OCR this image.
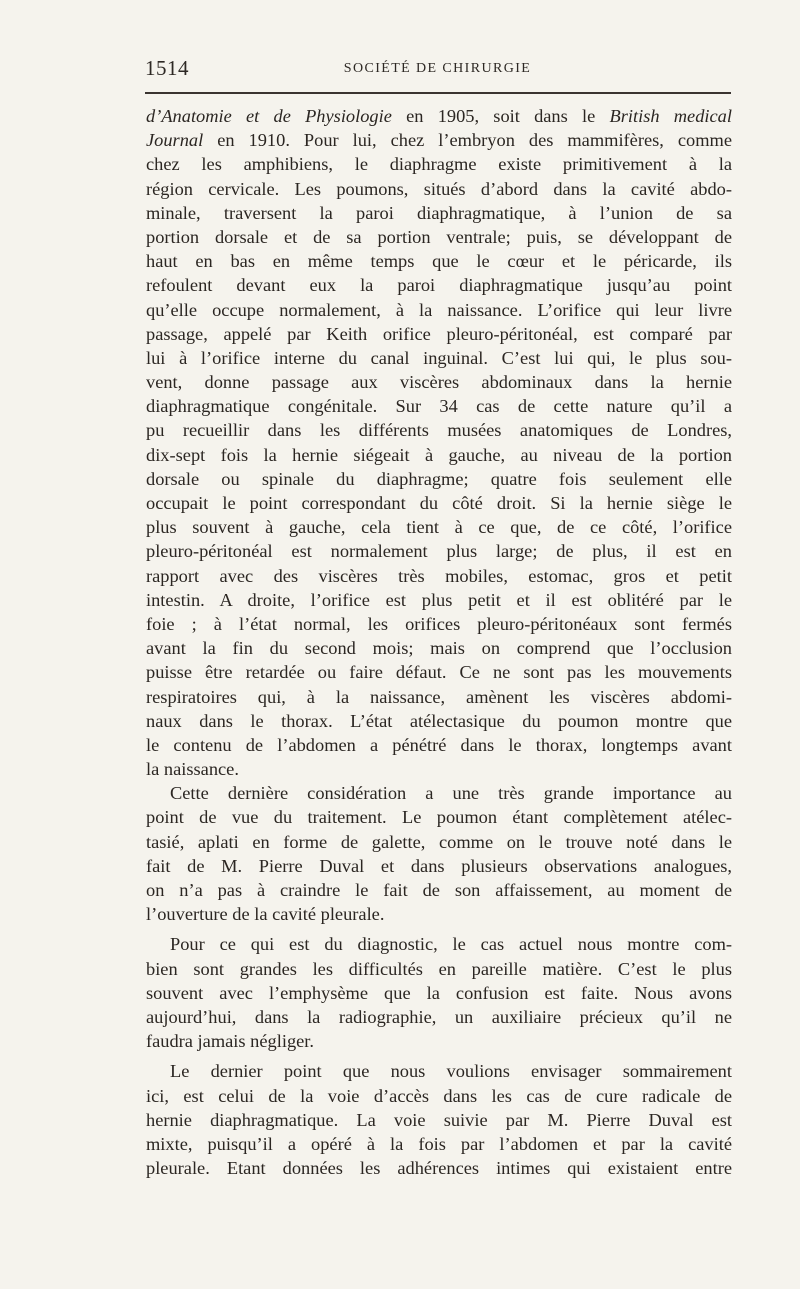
1514	SOCIÉTÉ DE CHIRURGIE
d’Anatomie et de Physiologie en 1905, soit dans le British medical
Journal en 1910. Pour lui, chez l’embryon des mammifères, comme
chez les amphibiens, le diaphragme existe primitivement à la
région cervicale. Les poumons, situés d’abord dans la cavité abdo-
minale, traversent la paroi diaphragmatique, à l’union de sa
portion dorsale et de sa portion ventrale; puis, se développant de
haut en bas en même temps que le cœur et le péricarde, ils
refoulent devant eux la paroi diaphragmatique jusqu’au point
qu’elle occupe normalement, à la naissance. L’orifice qui leur livre
passage, appelé par Keith orifice pleuro-péritonéal, est comparé par
lui à l’orifice interne du canal inguinal. C’est lui qui, le plus sou-
vent, donne passage aux viscères abdominaux dans la hernie
diaphragmatique congénitale. Sur 34 cas de cette nature qu’il a
pu recueillir dans les différents musées anatomiques de Londres,
dix-sept fois la hernie siégeait à gauche, au niveau de la portion
dorsale ou spinale du diaphragme; quatre fois seulement elle
occupait le point correspondant du côté droit. Si la hernie siège le
plus souvent à gauche, cela tient à ce que, de ce côté, l’orifice
pleuro-péritonéal est normalement plus large; de plus, il est en
rapport avec des viscères très mobiles, estomac, gros et petit
intestin. A droite, l’orifice est plus petit et il est oblitéré par le
foie ; à l’état normal, les orifices pleuro-péritonéaux sont fermés
avant la fin du second mois; mais on comprend que l’occlusion
puisse être retardée ou faire défaut. Ce ne sont pas les mouvements
respiratoires qui, à la naissance, amènent les viscères abdomi-
naux dans le thorax. L’état atélectasique du poumon montre que
le contenu de l’abdomen a pénétré dans le thorax, longtemps avant
la naissance.
Cette dernière considération a une très grande importance au
point de vue du traitement. Le poumon étant complètement atélec-
tasié, aplati en forme de galette, comme on le trouve noté dans le
fait de M. Pierre Duval et dans plusieurs observations analogues,
on n’a pas à craindre le fait de son affaissement, au moment de
l’ouverture de la cavité pleurale.
Pour ce qui est du diagnostic, le cas actuel nous montre com-
bien sont grandes les difficultés en pareille matière. C’est le plus
souvent avec l’emphysème que la confusion est faite. Nous avons
aujourd’hui, dans la radiographie, un auxiliaire précieux qu’il ne
faudra jamais négliger.
Le dernier point que nous voulions envisager sommairement
ici, est celui de la voie d’accès dans les cas de cure radicale de
hernie diaphragmatique. La voie suivie par M. Pierre Duval est
mixte, puisqu’il a opéré à la fois par l’abdomen et par la cavité
pleurale. Etant données les adhérences intimes qui existaient entre
